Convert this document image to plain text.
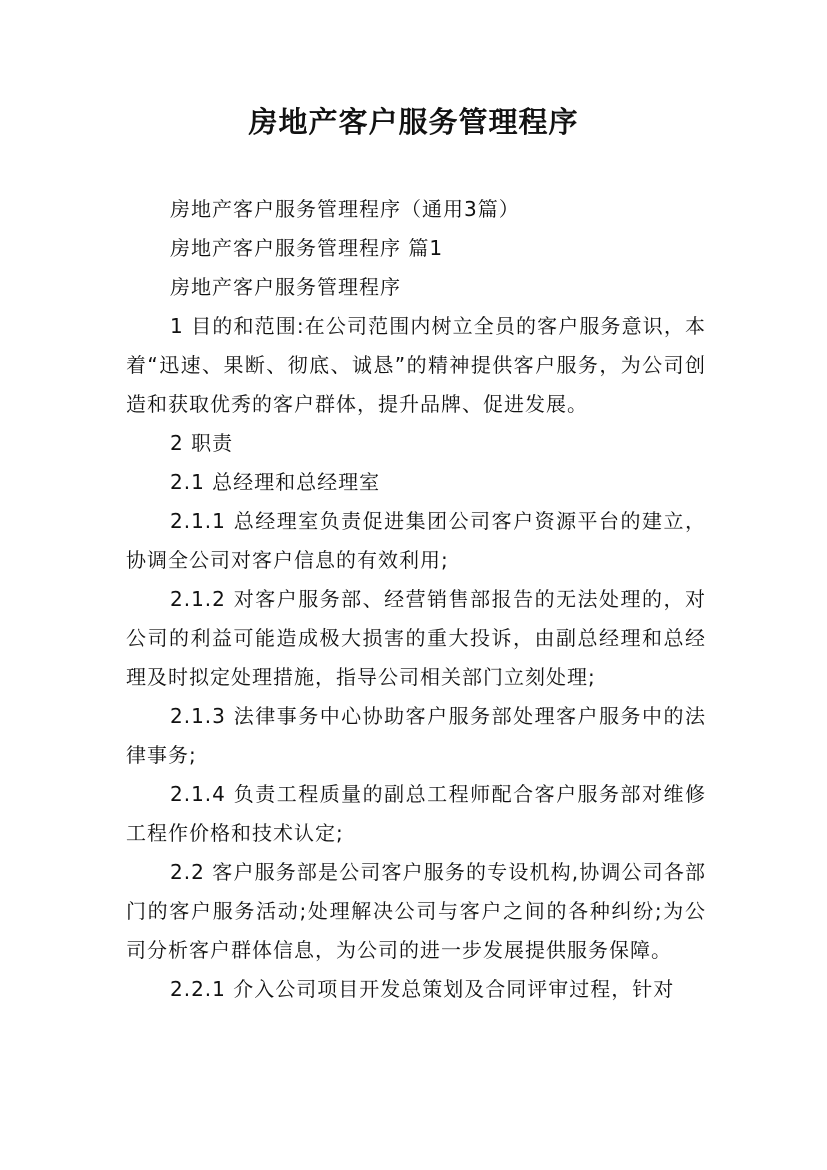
房地产客户服务管理程序

房地产客户服务管理程序（通用3篇）

房地产客户服务管理程序 篇1

房地产客户服务管理程序

1 目的和范围:在公司范围内树立全员的客户服务意识，本着“迅速、果断、彻底、诚恳”的精神提供客户服务，为公司创造和获取优秀的客户群体，提升品牌、促进发展。

2 职责

2.1 总经理和总经理室

2.1.1 总经理室负责促进集团公司客户资源平台的建立，协调全公司对客户信息的有效利用;

2.1.2 对客户服务部、经营销售部报告的无法处理的，对公司的利益可能造成极大损害的重大投诉，由副总经理和总经理及时拟定处理措施，指导公司相关部门立刻处理;

2.1.3 法律事务中心协助客户服务部处理客户服务中的法律事务;

2.1.4 负责工程质量的副总工程师配合客户服务部对维修工程作价格和技术认定;

2.2 客户服务部是公司客户服务的专设机构,协调公司各部门的客户服务活动;处理解决公司与客户之间的各种纠纷;为公司分析客户群体信息，为公司的进一步发展提供服务保障。

2.2.1 介入公司项目开发总策划及合同评审过程，针对
